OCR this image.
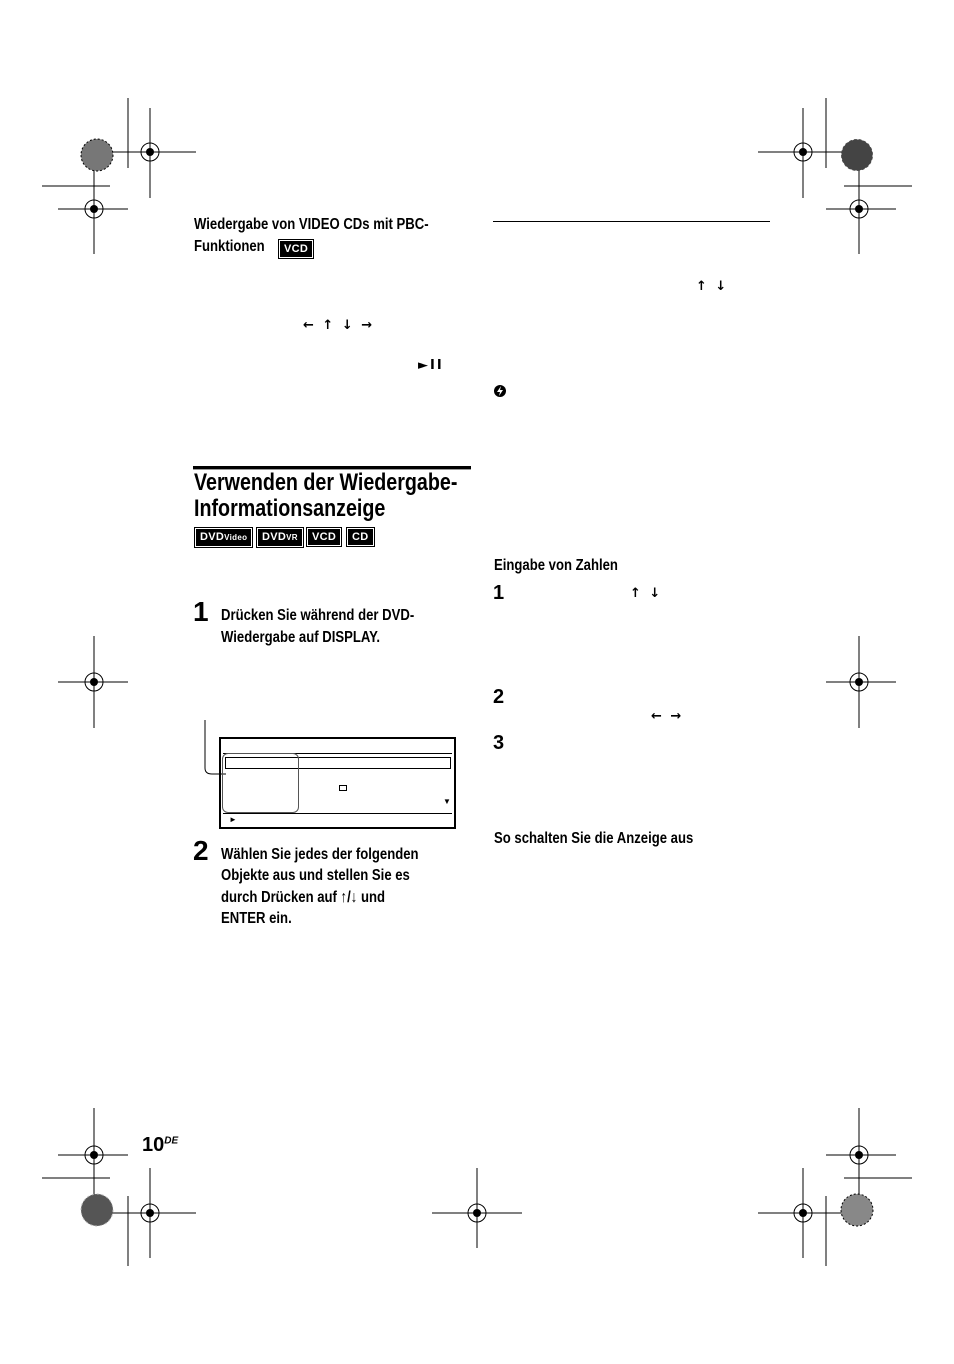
Wiedergabe von VIDEO CDs mit PBC-
Funktionen	VCD
← ↑ ↓ →
►II
Verwenden der Wiedergabe-
Informationsanzeige
DVDVideo	DVDVR	VCD	CD
1 Drücken Sie während der DVD-
Wiedergabe auf DISPLAY.
▼
►
2 Wählen Sie jedes der folgenden
Objekte aus und stellen Sie es
durch Drücken auf ↑/↓ und
ENTER ein.
↑ ↓
Eingabe von Zahlen
1	↑ ↓
2
← →
3
So schalten Sie die Anzeige aus
10DE
